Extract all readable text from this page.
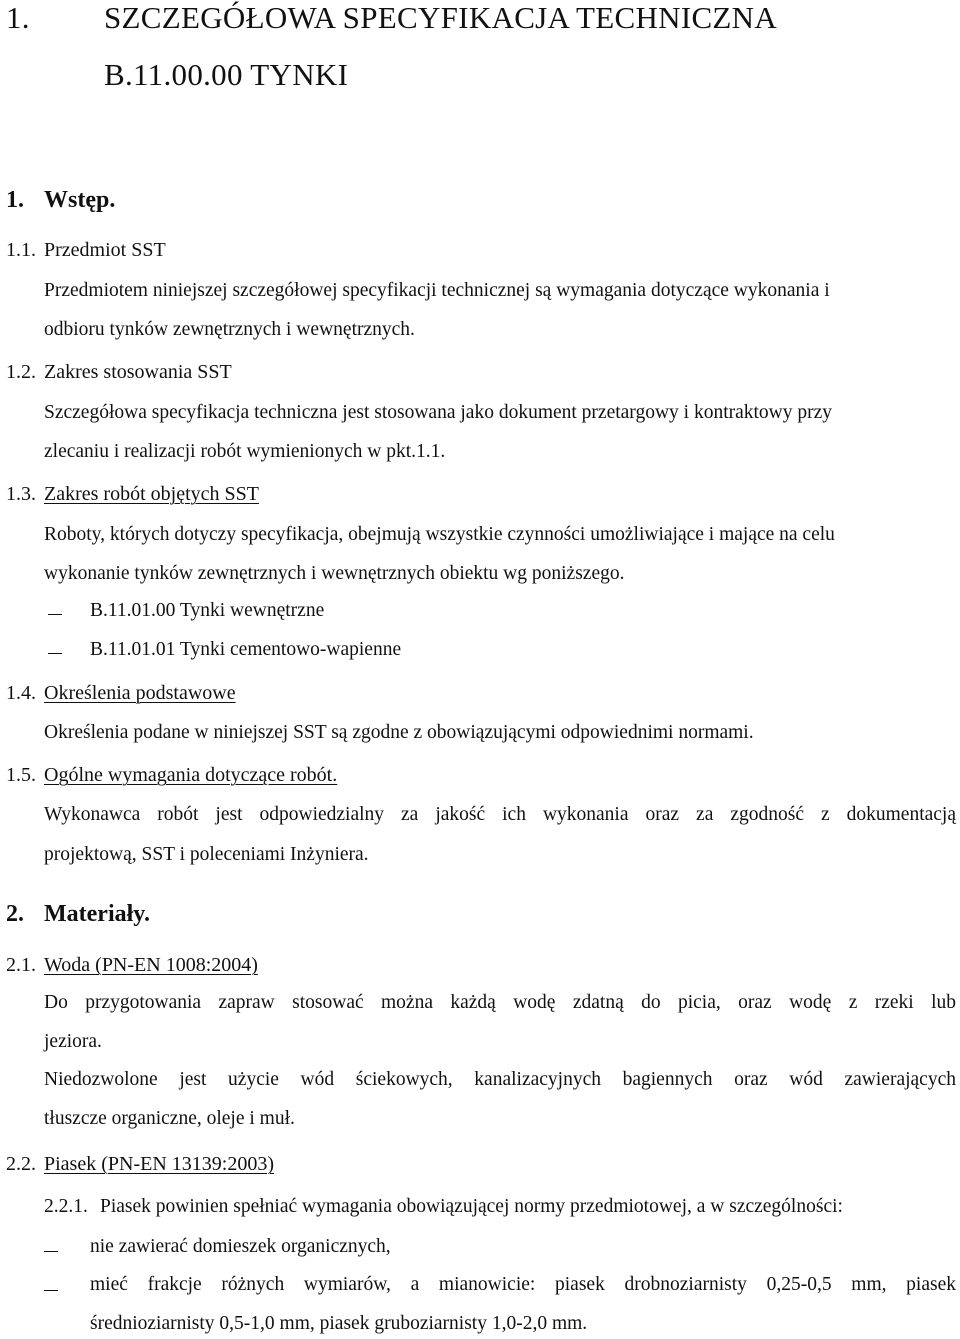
1. SZCZEGÓŁOWA SPECYFIKACJA TECHNICZNA
B.11.00.00 TYNKI
1. Wstęp.
1.1. Przedmiot SST
Przedmiotem niniejszej szczegółowej specyfikacji technicznej są wymagania dotyczące wykonania i
odbioru tynków zewnętrznych i wewnętrznych.
1.2. Zakres stosowania SST
Szczegółowa specyfikacja techniczna jest stosowana jako dokument przetargowy i kontraktowy przy
zlecaniu i realizacji robót wymienionych w pkt.1.1.
1.3. Zakres robót objętych SST
Roboty, których dotyczy specyfikacja, obejmują wszystkie czynności umożliwiające i mające na celu
wykonanie tynków zewnętrznych i wewnętrznych obiektu wg poniższego.
B.11.01.00 Tynki wewnętrzne
B.11.01.01 Tynki cementowo-wapienne
1.4. Określenia podstawowe
Określenia podane w niniejszej SST są zgodne z obowiązującymi odpowiednimi normami.
1.5. Ogólne wymagania dotyczące robót.
Wykonawca robót jest odpowiedzialny za jakość ich wykonania oraz za zgodność z dokumentacją
projektową, SST i poleceniami Inżyniera.
2. Materiały.
2.1. Woda (PN-EN 1008:2004)
Do przygotowania zapraw stosować można każdą wodę zdatną do picia, oraz wodę z rzeki lub
jeziora.
Niedozwolone jest użycie wód ściekowych, kanalizacyjnych bagiennych oraz wód zawierających
tłuszcze organiczne, oleje i muł.
2.2. Piasek (PN-EN 13139:2003)
2.2.1. Piasek powinien spełniać wymagania obowiązującej normy przedmiotowej, a w szczególności:
nie zawierać domieszek organicznych,
mieć frakcje różnych wymiarów, a mianowicie: piasek drobnoziarnisty 0,25-0,5 mm, piasek
średnioziarnisty 0,5-1,0 mm, piasek gruboziarnisty 1,0-2,0 mm.
